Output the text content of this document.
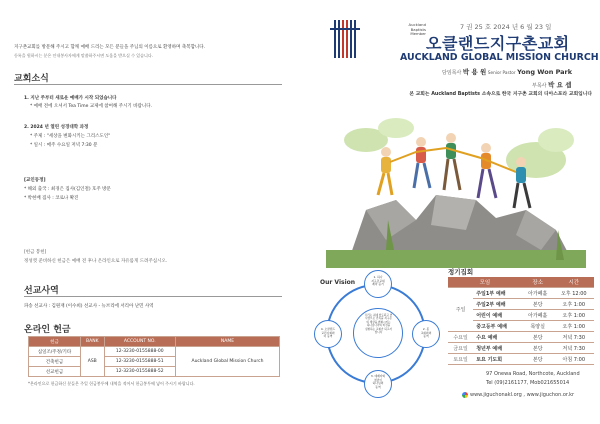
지구촌교회를 방문해 주시고 함께 예배 드리는 모든 분들을 주님의 이름으로 환영하며 축복합니다.
등록을 원하시는 분은 안내봉사자에게 말씀하주시면 도움을 받으실 수 있습니다.
교회소식
1. 지난 주부터 새로운 예배가 시작 되었습니다
* 예배 전에 오셔서 Tea Time 교제에 참여해 주시기 바랍니다.
2. 2024 년 열린 성경대학 과정
* 주제 : "세상을 변화시키는 그리스도인"
* 일시 : 매주 수요일 저녁 7:30 분
[교인동정]
* 해외 출국 : 최경은 집사(김인철) 호주 방문
* 박현배 집사 : 코로나 확진
[헌금 봉헌]
정성껏 준비하신 헌금은 예배 전 후나 온라인으로 자유롭게 드려주십시오.
선교사역
파송 선교사 : 김원재 (이수희) 선교사 - 뉴브리에 서리아 난민 사역
온라인 헌금
헌금	BANK	ACCOUNT NO.	NAME
십일조/주정/기타	ASB	12-3230-0155888-00	Auckland Global Mission Church
건축헌금		12-3230-0155888-51	
선교헌금		12-3230-0155888-52	
*온라인으로 헌금하신 분들은 주일 헌금봉투에 내역을 적어서 헌금봉투에 넣어 주시기 바랍니다.
7 권 25 호 2024 년 6 월 23 일
Auckland
Baptists
Member
오클랜드지구촌교회
AUCKLAND GLOBAL MISSION CHURCH
담임목사 박 용 원 Senior Pastor Yong Won Park
부목사 박 요 셉
본 교회는 Auckland Baptists 소속으로 한국 지구촌 교회의 디아스포라 교회입니다
Our Vision
우리는 최대 한도되고 연
사랑으로 만족을 지구촌
의 세상을 변화시키는
하나님나라의 비전을
실현하는 교회가 되고자
합니다
1. 하나
지구촌교회
제자 증거
2. 봉
교회와의
동역
3. 예배자와
청년이
하나님의
동역
4. 오클랜드
교민사회와
더 동역
정기집회
모임		장소	시간
주일	주일1부 예배	아가페홀	오후 12:00
	주일2부 예배	본당	오후 1:00
	어린이 예배	아가페홀	오후 1:00
	중고등부 예배	목양실	오후 1:00
수요일	수요 예배	본당	저녁 7:30
금요일	청년부 예배	본당	저녁 7:30
토요일	토요 기도회	본당	아침 7:00
97 Onewa Road, Northcote, Auckland
Tel (09)2161177, Mob021655014
www.jiguchonakl.org , www.jiguchon.or.kr
